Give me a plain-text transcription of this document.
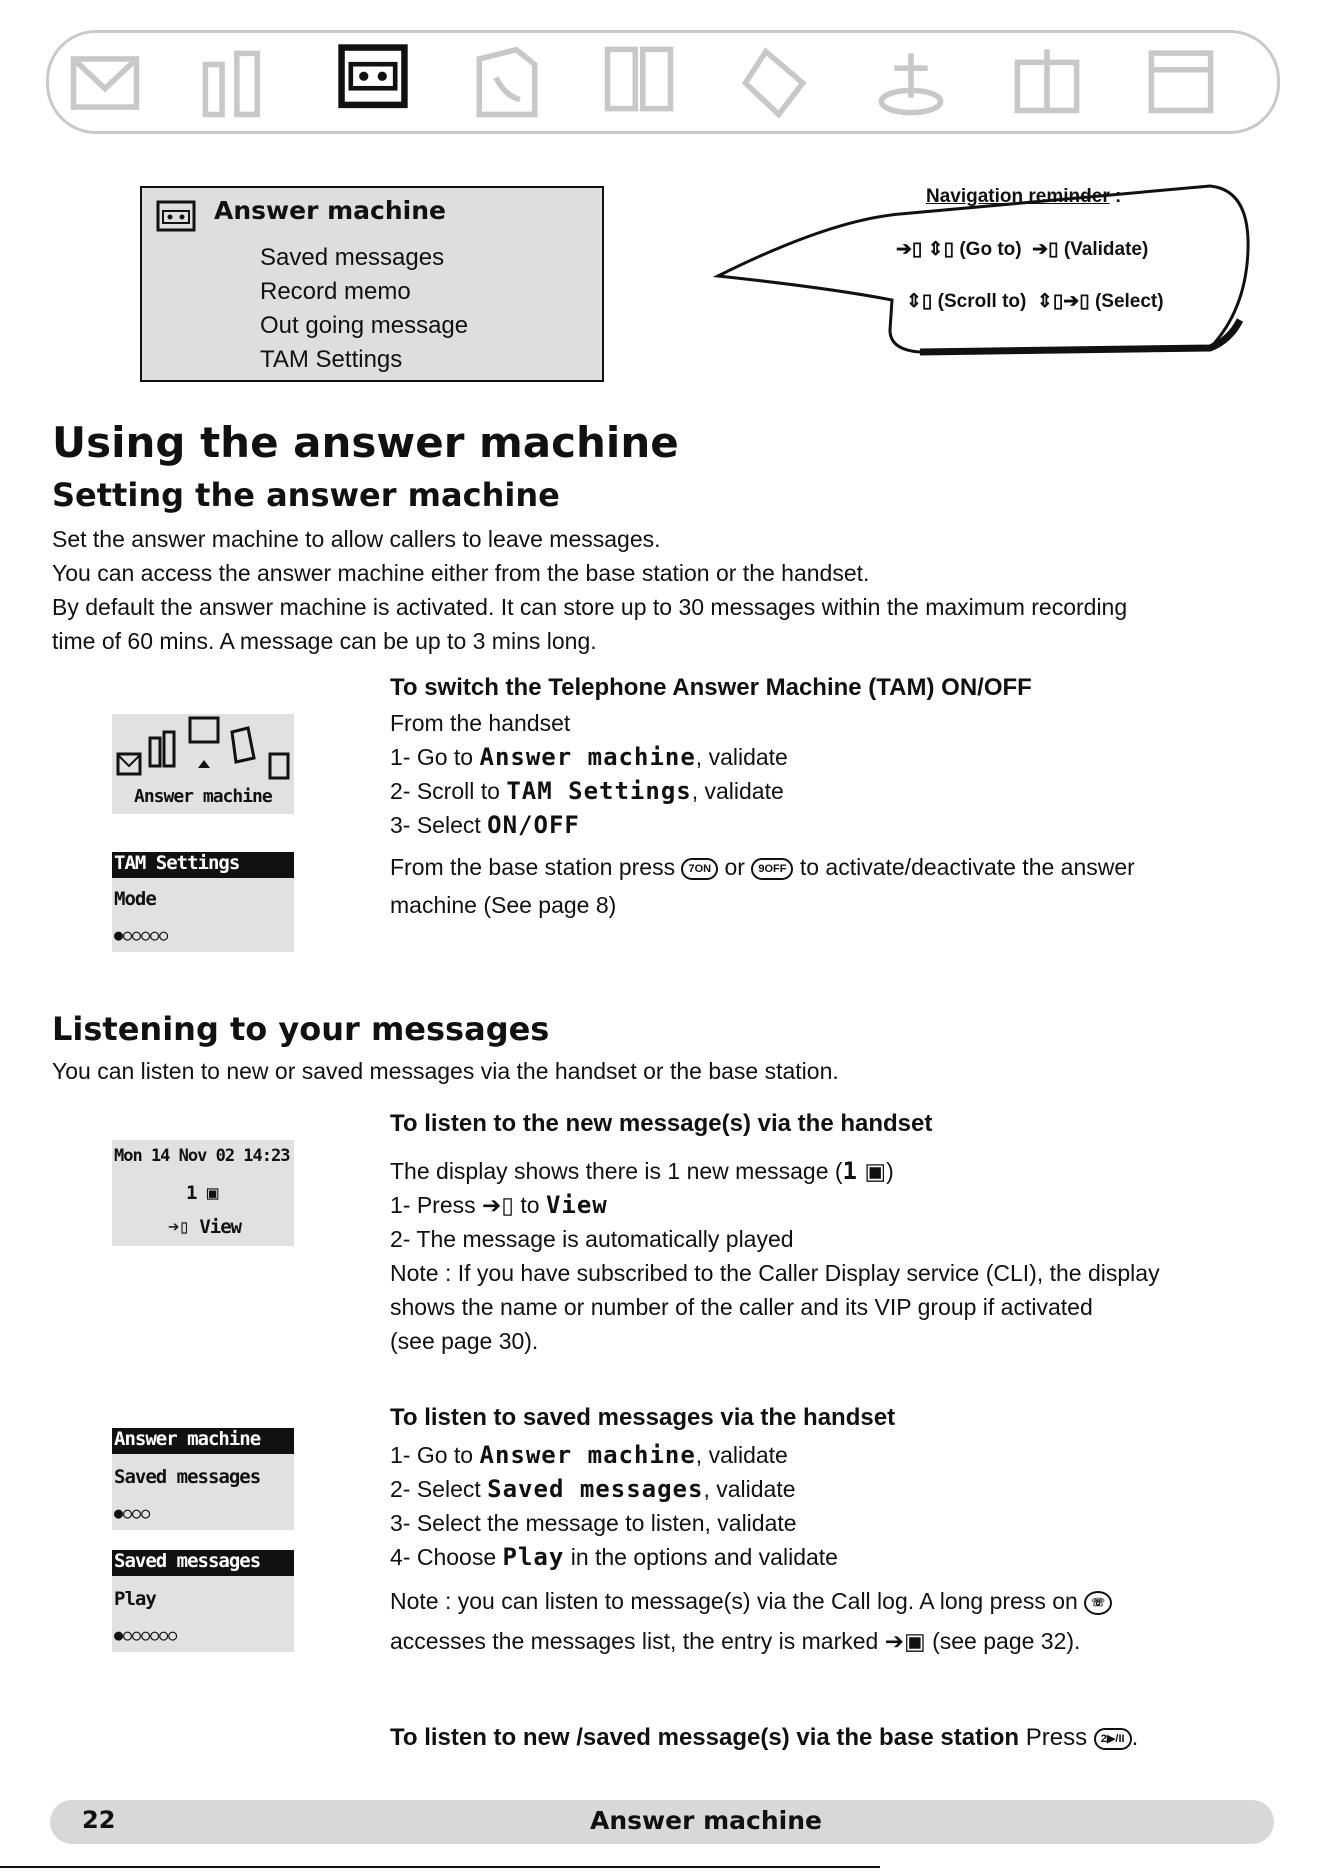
Answer machine
Saved messages
Record memo
Out going message
TAM Settings
Navigation reminder :
➔▯ ⇕▯ (Go to) ➔▯ (Validate)
⇕▯ (Scroll to) ⇕▯➔▯ (Select)
Using the answer machine
Setting the answer machine
Set the answer machine to allow callers to leave messages.
You can access the answer machine either from the base station or the handset.
By default the answer machine is activated. It can store up to 30 messages within the maximum recording
time of 60 mins. A message can be up to 3 mins long.
Answer machine
TAM Settings
Mode
●○○○○○
To switch the Telephone Answer Machine (TAM) ON/OFF
From the handset
1- Go to Answer machine, validate
2- Scroll to TAM Settings, validate
3- Select ON/OFF
From the base station press 7ON or 9OFF to activate/deactivate the answer
machine (See page 8)
Listening to your messages
You can listen to new or saved messages via the handset or the base station.
Mon 14 Nov 02 14:23
1 ▣
➔▯ View
To listen to the new message(s) via the handset
The display shows there is 1 new message (1 ▣)
1- Press ➔▯ to View
2- The message is automatically played
Note : If you have subscribed to the Caller Display service (CLI), the display
shows the name or number of the caller and its VIP group if activated
(see page 30).
Answer machine
Saved messages
●○○○
Saved messages
Play
●○○○○○○
To listen to saved messages via the handset
1- Go to Answer machine, validate
2- Select Saved messages, validate
3- Select the message to listen, validate
4- Choose Play in the options and validate
Note : you can listen to message(s) via the Call log. A long press on ☏
accesses the messages list, the entry is marked ➔▣ (see page 32).
To listen to new /saved message(s) via the base station Press 2▶/II .
22	Answer machine
